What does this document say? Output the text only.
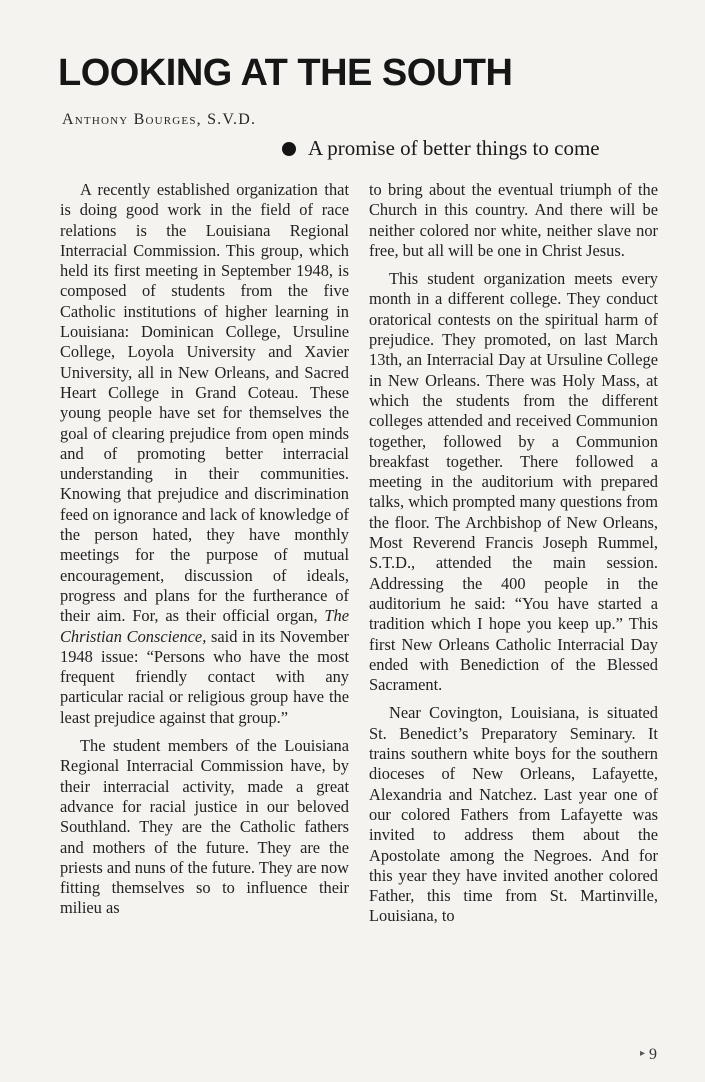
LOOKING AT THE SOUTH
Anthony Bourges, S.V.D.
A promise of better things to come

A recently established organization that is doing good work in the field of race relations is the Louisiana Regional Interracial Commission. This group, which held its first meeting in September 1948, is composed of students from the five Catholic institutions of higher learning in Louisiana: Dominican College, Ursuline College, Loyola University and Xavier University, all in New Orleans, and Sacred Heart College in Grand Coteau. These young people have set for themselves the goal of clearing prejudice from open minds and of promoting better interracial understanding in their communities. Knowing that prejudice and discrimination feed on ignorance and lack of knowledge of the person hated, they have monthly meetings for the purpose of mutual encouragement, discussion of ideals, progress and plans for the furtherance of their aim. For, as their official organ, The Christian Conscience, said in its November 1948 issue: “Persons who have the most frequent friendly contact with any particular racial or religious group have the least prejudice against that group.”

The student members of the Louisiana Regional Interracial Commission have, by their interracial activity, made a great advance for racial justice in our beloved Southland. They are the Catholic fathers and mothers of the future. They are the priests and nuns of the future. They are now fitting themselves so to influence their milieu as

to bring about the eventual triumph of the Church in this country. And there will be neither colored nor white, neither slave nor free, but all will be one in Christ Jesus.

This student organization meets every month in a different college. They conduct oratorical contests on the spiritual harm of prejudice. They promoted, on last March 13th, an Interracial Day at Ursuline College in New Orleans. There was Holy Mass, at which the students from the different colleges attended and received Communion together, followed by a Communion breakfast together. There followed a meeting in the auditorium with prepared talks, which prompted many questions from the floor. The Archbishop of New Orleans, Most Reverend Francis Joseph Rummel, S.T.D., attended the main session. Addressing the 400 people in the auditorium he said: “You have started a tradition which I hope you keep up.” This first New Orleans Catholic Interracial Day ended with Benediction of the Blessed Sacrament.

Near Covington, Louisiana, is situated St. Benedict’s Preparatory Seminary. It trains southern white boys for the southern dioceses of New Orleans, Lafayette, Alexandria and Natchez. Last year one of our colored Fathers from Lafayette was invited to address them about the Apostolate among the Negroes. And for this year they have invited another colored Father, this time from St. Martinville, Louisiana, to

▸ 9
